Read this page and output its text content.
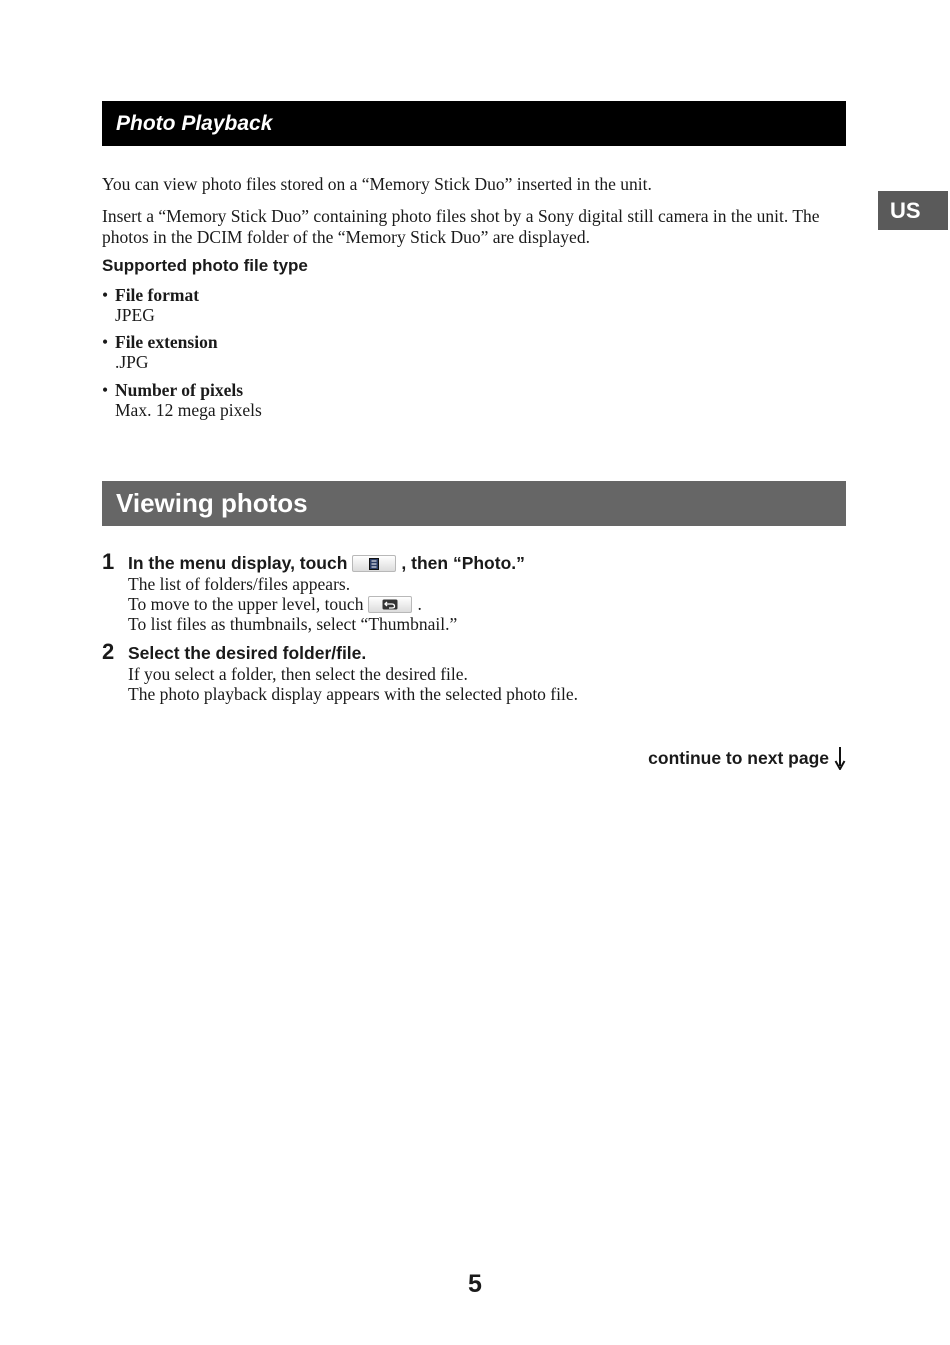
Photo Playback
US

You can view photo files stored on a “Memory Stick Duo” inserted in the unit.

Insert a “Memory Stick Duo” containing photo files shot by a Sony digital still camera in the unit. The photos in the DCIM folder of the “Memory Stick Duo” are displayed.

Supported photo file type

• File format
JPEG
• File extension
.JPG
• Number of pixels
Max. 12 mega pixels
Viewing photos
1 In the menu display, touch	, then “Photo.”
The list of folders/files appears.
To move to the upper level, touch	.
To list files as thumbnails, select “Thumbnail.”
2 Select the desired folder/file.
If you select a folder, then select the desired file.
The photo playback display appears with the selected photo file.
continue to next page
5
